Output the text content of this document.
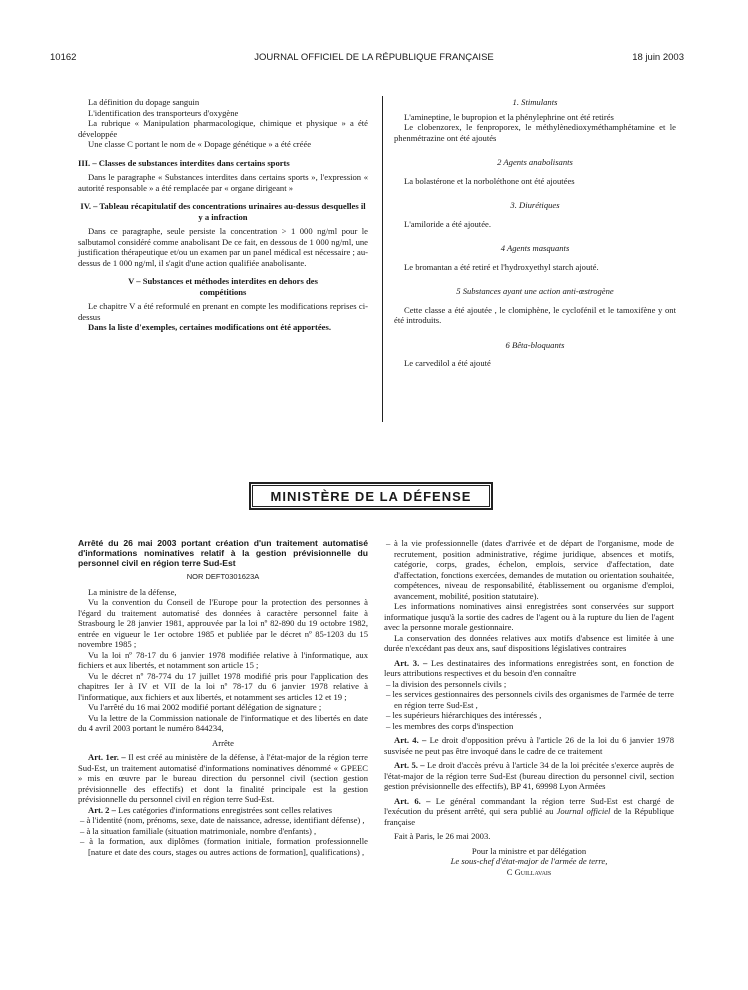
10162	JOURNAL OFFICIEL DE LA RÉPUBLIQUE FRANÇAISE	18 juin 2003

La définition du dopage sanguin

L'identification des transporteurs d'oxygène

La rubrique « Manipulation pharmacologique, chimique et physique » a été développée

Une classe C portant le nom de « Dopage génétique » a été créée

III. – Classes de substances interdites dans certains sports

Dans le paragraphe « Substances interdites dans certains sports », l'expression « autorité responsable » a été remplacée par « organe dirigeant »

IV. – Tableau récapitulatif des concentrations urinaires au-dessus desquelles il y a infraction

Dans ce paragraphe, seule persiste la concentration > 1 000 ng/ml pour le salbutamol considéré comme anabolisant De ce fait, en dessous de 1 000 ng/ml, une justification thérapeutique et/ou un examen par un panel médical est nécessaire ; au-dessus de 1 000 ng/ml, il s'agit d'une action qualifiée anabolisante.

V – Substances et méthodes interdites en dehors des compétitions

Le chapitre V a été reformulé en prenant en compte les modifications reprises ci-dessus

Dans la liste d'exemples, certaines modifications ont été apportées.

1. Stimulants

L'amineptine, le bupropion et la phénylephrine ont été retirés

Le clobenzorex, le fenproporex, le méthylènedioxyméthamphétamine et le phenmétrazine ont été ajoutés

2 Agents anabolisants

La bolastérone et la norboléthone ont été ajoutées

3. Diurétiques

L'amiloride a été ajoutée.

4 Agents masquants

Le bromantan a été retiré et l'hydroxyethyl starch ajouté.

5 Substances ayant une action anti-œstrogène

Cette classe a été ajoutée , le clomiphène, le cyclofénil et le tamoxifène y ont été introduits.

6 Bêta-bloquants

Le carvedilol a été ajouté

MINISTÈRE DE LA DÉFENSE

Arrêté du 26 mai 2003 portant création d'un traitement automatisé d'informations nominatives relatif à la gestion prévisionnelle du personnel civil en région terre Sud-Est

NOR DEFT0301623A

La ministre de la défense,

Vu la convention du Conseil de l'Europe pour la protection des personnes à l'égard du traitement automatisé des données à caractère personnel faite à Strasbourg le 28 janvier 1981, approuvée par la loi nº 82-890 du 19 octobre 1982, entrée en vigueur le 1er octobre 1985 et publiée par le décret nº 85-1203 du 15 novembre 1985 ;

Vu la loi nº 78-17 du 6 janvier 1978 modifiée relative à l'informatique, aux fichiers et aux libertés, et notamment son article 15 ;

Vu le décret nº 78-774 du 17 juillet 1978 modifié pris pour l'application des chapitres Ier à IV et VII de la loi nº 78-17 du 6 janvier 1978 relative à l'informatique, aux fichiers et aux libertés, et notamment ses articles 12 et 19 ;

Vu l'arrêté du 16 mai 2002 modifié portant délégation de signature ;

Vu la lettre de la Commission nationale de l'informatique et des libertés en date du 4 avril 2003 portant le numéro 844234,

Arrête

Art. 1er. – Il est créé au ministère de la défense, à l'état-major de la région terre Sud-Est, un traitement automatisé d'informations nominatives dénommé « GPEEC » mis en œuvre par le bureau direction du personnel civil (section gestion prévisionnelle des effectifs) et dont la finalité principale est la gestion prévisionnelle du personnel civil en région terre Sud-Est.

Art. 2 – Les catégories d'informations enregistrées sont celles relatives

– à l'identité (nom, prénoms, sexe, date de naissance, adresse, identifiant défense) ,

– à la situation familiale (situation matrimoniale, nombre d'enfants) ,

– à la formation, aux diplômes (formation initiale, formation professionnelle [nature et date des cours, stages ou autres actions de formation], qualifications) ,

– à la vie professionnelle (dates d'arrivée et de départ de l'organisme, mode de recrutement, position administrative, régime juridique, absences et motifs, catégorie, corps, grades, échelon, emplois, service d'affectation, date d'affectation, fonctions exercées, demandes de mutation ou orientation souhaitée, compétences, niveau de responsabilité, établissement ou organisme d'emploi, avancement, mobilité, position statutaire).

Les informations nominatives ainsi enregistrées sont conservées sur support informatique jusqu'à la sortie des cadres de l'agent ou à la rupture du lien de l'agent avec la personne morale gestionnaire.

La conservation des données relatives aux motifs d'absence est limitée à une durée n'excédant pas deux ans, sauf dispositions législatives contraires

Art. 3. – Les destinataires des informations enregistrées sont, en fonction de leurs attributions respectives et du besoin d'en connaître

– la division des personnels civils ;

– les services gestionnaires des personnels civils des organismes de l'armée de terre en région terre Sud-Est ,

– les supérieurs hiérarchiques des intéressés ,

– les membres des corps d'inspection

Art. 4. – Le droit d'opposition prévu à l'article 26 de la loi du 6 janvier 1978 susvisée ne peut pas être invoqué dans le cadre de ce traitement

Art. 5. – Le droit d'accès prévu à l'article 34 de la loi précitée s'exerce auprès de l'état-major de la région terre Sud-Est (bureau direction du personnel civil, section gestion prévisionnelle des effectifs), BP 41, 69998 Lyon Armées

Art. 6. – Le général commandant la région terre Sud-Est est chargé de l'exécution du présent arrêté, qui sera publié au Journal officiel de la République française

Fait à Paris, le 26 mai 2003.

Pour la ministre et par délégation

Le sous-chef d'état-major de l'armée de terre,

C Guillavais
